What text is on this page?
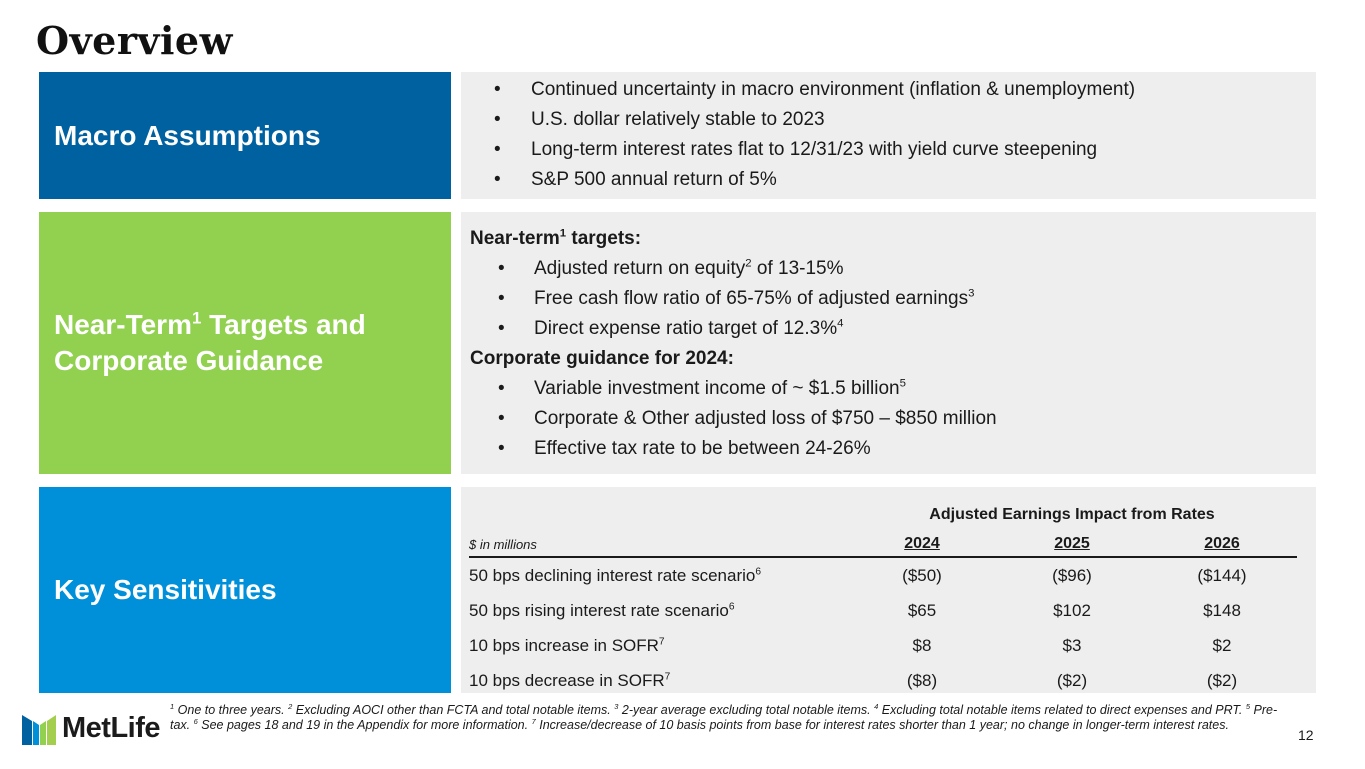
Overview
Macro Assumptions
• Continued uncertainty in macro environment (inflation & unemployment)
• U.S. dollar relatively stable to 2023
• Long-term interest rates flat to 12/31/23 with yield curve steepening
• S&P 500 annual return of 5%
Near-Term$^1$ Targets and
Corporate Guidance
Near-term$^1$ targets:
• Adjusted return on equity$^2$ of 13-15%
• Free cash flow ratio of 65-75% of adjusted earnings$^3$
• Direct expense ratio target of 12.3%$^4$
Corporate guidance for 2024:
• Variable investment income of ~ $1.5 billion$^5$
• Corporate & Other adjusted loss of $750 – $850 million
• Effective tax rate to be between 24-26%
Key Sensitivities
	Adjusted Earnings Impact from Rates		
$ in millions	2024	2025	2026
50 bps declining interest rate scenario$^6$	($50)	($96)	($144)
50 bps rising interest rate scenario$^6$	$65	$102	$148
10 bps increase in SOFR$^7$	$8	$3	$2
10 bps decrease in SOFR$^7$	($8)	($2)	($2)
MetLife
$^1$ One to three years. $^2$ Excluding AOCI other than FCTA and total notable items. $^3$ 2-year average excluding total notable items. $^4$ Excluding total notable items related to direct expenses and PRT. $^5$ Pre-tax. $^6$ See pages 18 and 19 in the Appendix for more information. $^7$ Increase/decrease of 10 basis points from base for interest rates shorter than 1 year; no change in longer-term interest rates.
12
